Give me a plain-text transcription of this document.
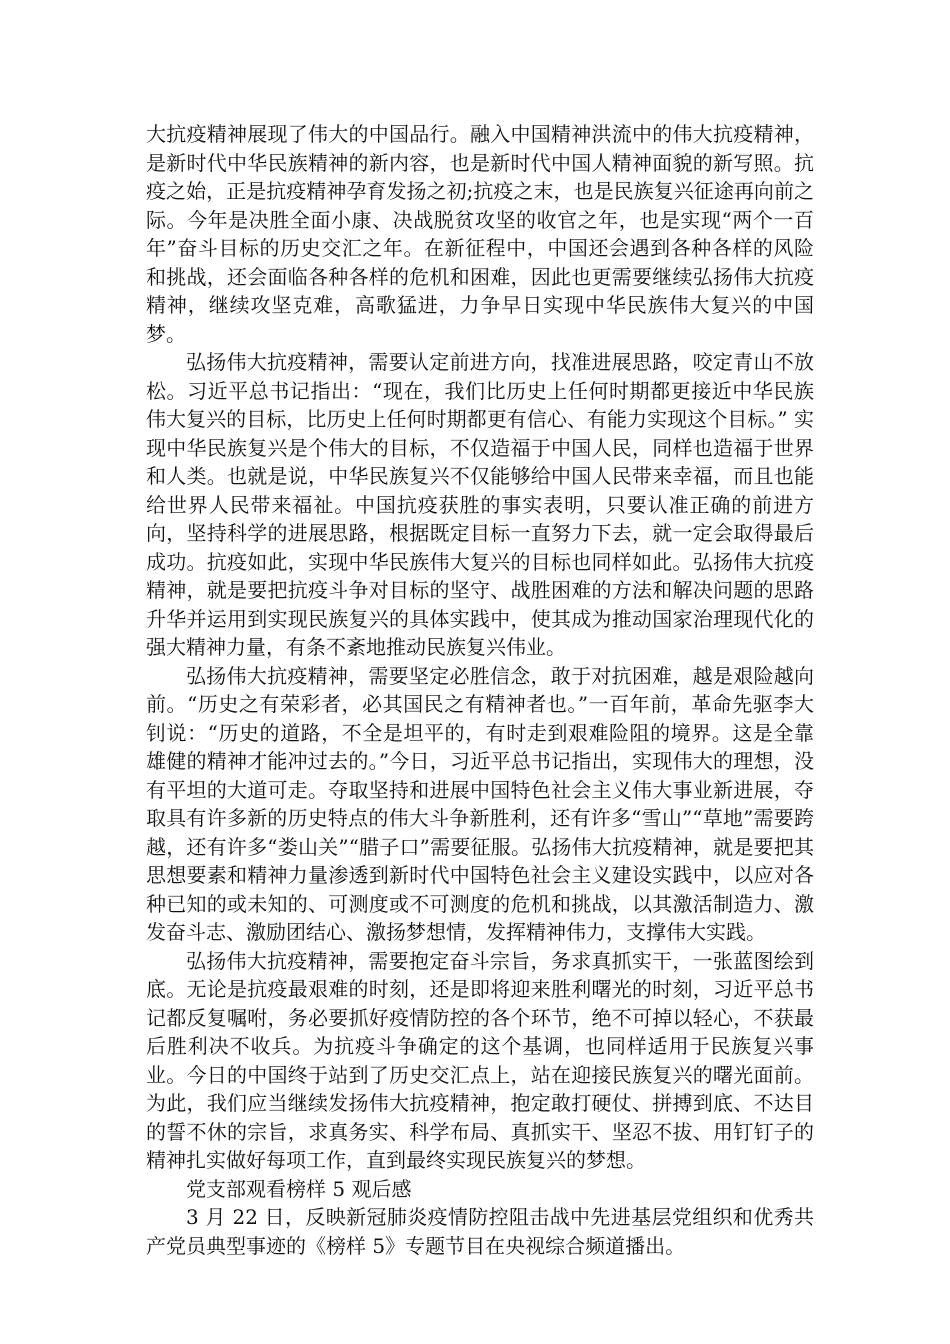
大抗疫精神展现了伟大的中国品行。融入中国精神洪流中的伟大抗疫精神，是新时代中华民族精神的新内容，也是新时代中国人精神面貌的新写照。抗疫之始，正是抗疫精神孕育发扬之初;抗疫之末，也是民族复兴征途再向前之际。今年是决胜全面小康、决战脱贫攻坚的收官之年，也是实现“两个一百年”奋斗目标的历史交汇之年。在新征程中，中国还会遇到各种各样的风险和挑战，还会面临各种各样的危机和困难，因此也更需要继续弘扬伟大抗疫精神，继续攻坚克难，高歌猛进，力争早日实现中华民族伟大复兴的中国梦。

弘扬伟大抗疫精神，需要认定前进方向，找准进展思路，咬定青山不放松。习近平总书记指出：“现在，我们比历史上任何时期都更接近中华民族伟大复兴的目标，比历史上任何时期都更有信心、有能力实现这个目标。” 实现中华民族复兴是个伟大的目标，不仅造福于中国人民，同样也造福于世界和人类。也就是说，中华民族复兴不仅能够给中国人民带来幸福，而且也能给世界人民带来福祉。中国抗疫获胜的事实表明，只要认准正确的前进方向，坚持科学的进展思路，根据既定目标一直努力下去，就一定会取得最后成功。抗疫如此，实现中华民族伟大复兴的目标也同样如此。弘扬伟大抗疫精神，就是要把抗疫斗争对目标的坚守、战胜困难的方法和解决问题的思路升华并运用到实现民族复兴的具体实践中，使其成为推动国家治理现代化的强大精神力量，有条不紊地推动民族复兴伟业。

弘扬伟大抗疫精神，需要坚定必胜信念，敢于对抗困难，越是艰险越向前。“历史之有荣彩者，必其国民之有精神者也。”一百年前，革命先驱李大钊说：“历史的道路，不全是坦平的，有时走到艰难险阻的境界。这是全靠雄健的精神才能冲过去的。”今日，习近平总书记指出，实现伟大的理想，没有平坦的大道可走。夺取坚持和进展中国特色社会主义伟大事业新进展，夺取具有许多新的历史特点的伟大斗争新胜利，还有许多“雪山”“草地”需要跨越，还有许多“娄山关”“腊子口”需要征服。弘扬伟大抗疫精神，就是要把其思想要素和精神力量渗透到新时代中国特色社会主义建设实践中，以应对各种已知的或未知的、可测度或不可测度的危机和挑战，以其激活制造力、激发奋斗志、激励团结心、激扬梦想情，发挥精神伟力，支撑伟大实践。

弘扬伟大抗疫精神，需要抱定奋斗宗旨，务求真抓实干，一张蓝图绘到底。无论是抗疫最艰难的时刻，还是即将迎来胜利曙光的时刻，习近平总书记都反复嘱咐，务必要抓好疫情防控的各个环节，绝不可掉以轻心，不获最后胜利决不收兵。为抗疫斗争确定的这个基调，也同样适用于民族复兴事业。今日的中国终于站到了历史交汇点上，站在迎接民族复兴的曙光面前。为此，我们应当继续发扬伟大抗疫精神，抱定敢打硬仗、拼搏到底、不达目的誓不休的宗旨，求真务实、科学布局、真抓实干、坚忍不拔、用钉钉子的精神扎实做好每项工作，直到最终实现民族复兴的梦想。

党支部观看榜样 5 观后感

3 月 22 日，反映新冠肺炎疫情防控阻击战中先进基层党组织和优秀共产党员典型事迹的《榜样 5》专题节目在央视综合频道播出。
